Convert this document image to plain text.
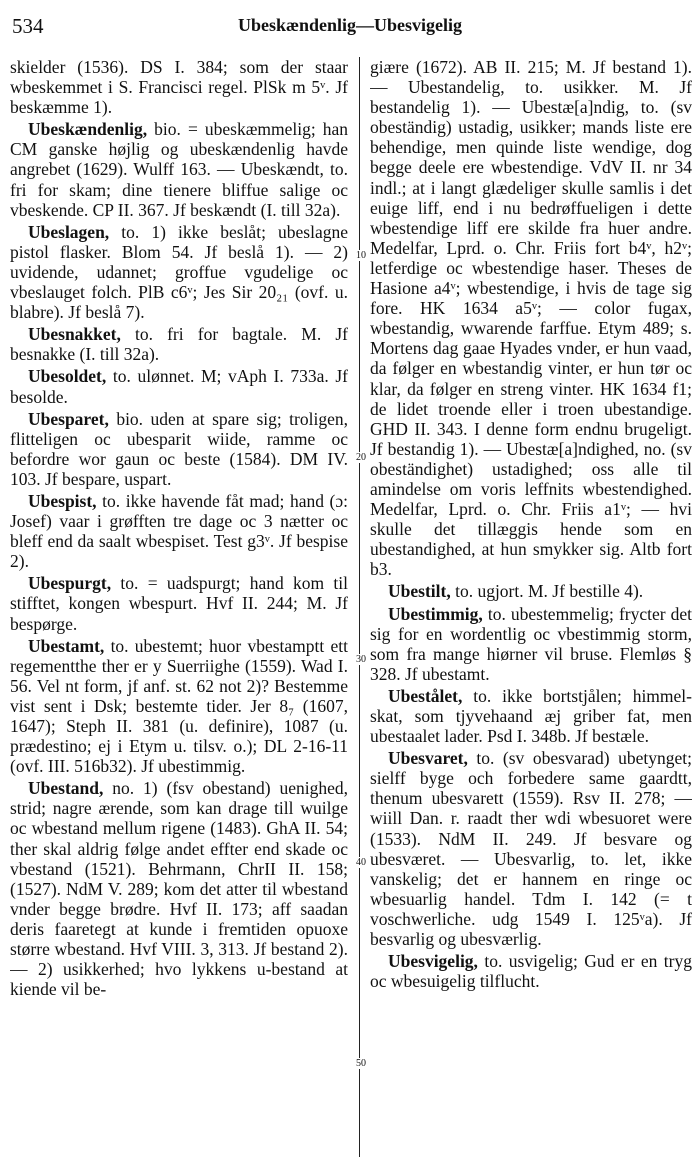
534	Ubeskændenlig—Ubesvigelig

skielder (1536). DS I. 384; som der staar wbeskemmet i S. Francisci regel. PlSk m 5ᵛ. Jf beskæmme 1).

Ubeskændenlig, bio. = ubeskæmmelig; han CM ganske højlig og ubeskændenlig havde angrebet (1629). Wulff 163. — Ubeskændt, to. fri for skam; dine tienere bliffue salige oc vbeskende. CP II. 367. Jf beskændt (I. till 32a).

Ubeslagen, to. 1) ikke beslåt; ubeslagne pistol flasker. Blom 54. Jf beslå 1). — 2) uvidende, udannet; groffue vgudelige oc vbeslauget folch. PlB c6ᵛ; Jes Sir 20₂₁ (ovf. u. blabre). Jf beslå 7).

Ubesnakket, to. fri for bagtale. M. Jf besnakke (I. till 32a).

Ubesoldet, to. ulønnet. M; vAph I. 733a. Jf besolde.

Ubesparet, bio. uden at spare sig; troligen, flitteligen oc ubesparit wiide, ramme oc befordre wor gaun oc beste (1584). DM IV. 103. Jf bespare, uspart.

Ubespist, to. ikke havende fåt mad; hand (ɔ: Josef) vaar i grøfften tre dage oc 3 nætter oc bleff end da saalt wbespiset. Test g3ᵛ. Jf bespise 2).

Ubespurgt, to. = uadspurgt; hand kom til stifftet, kongen wbespurt. Hvf II. 244; M. Jf bespørge.

Ubestamt, to. ubestemt; huor vbestamptt ett regementthe ther er y Suerriighe (1559). Wad I. 56. Vel nt form, jf anf. st. 62 not 2)? Bestemme vist sent i Dsk; bestemte tider. Jer 8₇ (1607, 1647); Steph II. 381 (u. definire), 1087 (u. prædestino; ej i Etym u. tilsv. o.); DL 2-16-11 (ovf. III. 516b32). Jf ubestimmig.

Ubestand, no. 1) (fsv obestand) uenighed, strid; nagre ærende, som kan drage till wuilge oc wbestand mellum rigene (1483). GhA II. 54; ther skal aldrig følge andet effter end skade oc vbestand (1521). Behrmann, ChrII II. 158; (1527). NdM V. 289; kom det atter til wbestand vnder begge brødre. Hvf II. 173; aff saadan deris faaretegt at kunde i fremtiden opuoxe større wbestand. Hvf VIII. 3, 313. Jf bestand 2). — 2) usikkerhed; hvo lykkens u-bestand at kiende vil be-

10
20
30
40
50

giære (1672). AB II. 215; M. Jf bestand 1). — Ubestandelig, to. usikker. M. Jf bestandelig 1). — Ubestæ[a]ndig, to. (sv obeständig) ustadig, usikker; mands liste ere behendige, men quinde liste wendige, dog begge deele ere wbestendige. VdV II. nr 34 indl.; at i langt glædeliger skulle samlis i det euige liff, end i nu bedrøffueligen i dette wbestendige liff ere skilde fra huer andre. Medelfar, Lprd. o. Chr. Friis fort b4ᵛ, h2ᵛ; letferdige oc wbestendige haser. Theses de Hasione a4ᵛ; wbestendige, i hvis de tage sig fore. HK 1634 a5ᵛ; — color fugax, wbestandig, wwarende farffue. Etym 489; s. Mortens dag gaae Hyades vnder, er hun vaad, da følger en wbestandig vinter, er hun tør oc klar, da følger en streng vinter. HK 1634 f1; de lidet troende eller i troen ubestandige. GHD II. 343. I denne form endnu brugeligt. Jf bestandig 1). — Ubestæ[a]ndighed, no. (sv obeständighet) ustadighed; oss alle til amindelse om voris leffnits wbestendighed. Medelfar, Lprd. o. Chr. Friis a1ᵛ; — hvi skulle det tillæggis hende som en ubestandighed, at hun smykker sig. Altb fort b3.

Ubestilt, to. ugjort. M. Jf bestille 4).

Ubestimmig, to. ubestemmelig; frycter det sig for en wordentlig oc vbestimmig storm, som fra mange hiørner vil bruse. Flemløs § 328. Jf ubestamt.

Ubestålet, to. ikke bortstjålen; himmel-skat, som tjyvehaand æj griber fat, men ubestaalet lader. Psd I. 348b. Jf bestæle.

Ubesvaret, to. (sv obesvarad) ubetynget; sielff byge och forbedere same gaardtt, thenum ubesvarett (1559). Rsv II. 278; — wiill Dan. r. raadt ther wdi wbesuoret were (1533). NdM II. 249. Jf besvare og ubesværet. — Ubesvarlig, to. let, ikke vanskelig; det er hannem en ringe oc wbesuarlig handel. Tdm I. 142 (= t voschwerliche. udg 1549 I. 125ᵛa). Jf besvarlig og ubesværlig.

Ubesvigelig, to. usvigelig; Gud er en tryg oc wbesuigelig tilflucht.
